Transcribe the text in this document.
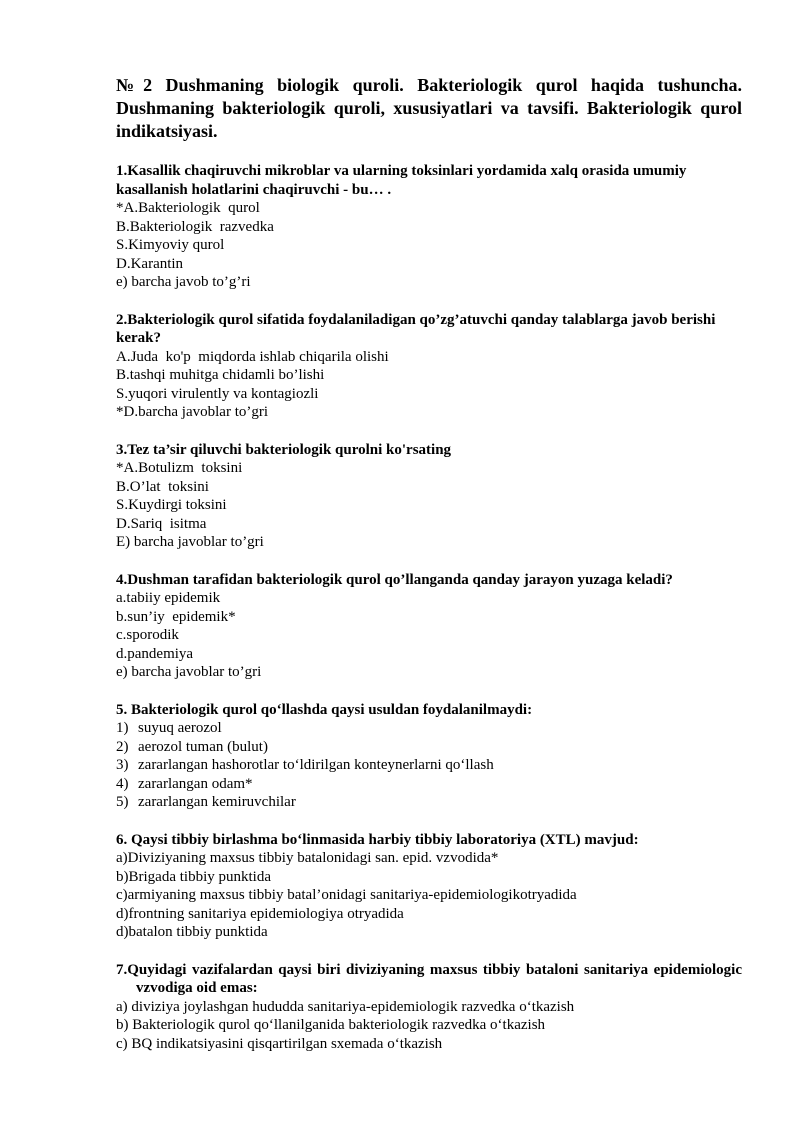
№2 Dushmaning biologik quroli. Bakteriologik qurol haqida tushuncha. Dushmaning bakteriologik quroli, xususiyatlari va tavsifi. Bakteriologik qurol indikatsiyasi.

1.Kasallik chaqiruvchi mikroblar va ularning toksinlari yordamida xalq orasida umumiy kasallanish holatlarini chaqiruvchi - bu… .

*A.Bakteriologik  qurol
B.Bakteriologik  razvedka
S.Kimyoviy qurol
D.Karantin
e) barcha javob to’g’ri

2.Bakteriologik qurol sifatida foydalaniladigan qo’zg’atuvchi qanday talablarga javob berishi kerak?

A.Juda  ko'p  miqdorda ishlab chiqarila olishi
B.tashqi muhitga chidamli bo’lishi
S.yuqori virulently va kontagiozli
*D.barcha javoblar to’gri

3.Tez ta’sir qiluvchi bakteriologik qurolni ko'rsating

*A.Botulizm  toksini
B.O’lat  toksini
S.Kuydirgi toksini
D.Sariq  isitma
E) barcha javoblar to’gri

4.Dushman tarafidan bakteriologik qurol qo’llanganda qanday jarayon yuzaga keladi?

a.tabiiy epidemik
b.sun’iy  epidemik*
c.sporodik
d.pandemiya
e) barcha javoblar to’gri

5. Bakteriologik qurol qo‘llashda qaysi usuldan foydalanilmaydi:

1) suyuq aerozol
2) aerozol tuman (bulut)
3) zararlangan hashorotlar to‘ldirilgan konteynerlarni qo‘llash
4) zararlangan odam*
5) zararlangan kemiruvchilar

6. Qaysi tibbiy birlashma bo‘linmasida harbiy tibbiy laboratoriya (XTL) mavjud:

a)Diviziyaning maxsus tibbiy batalonidagi san. epid. vzvodida*
b)Brigada tibbiy punktida
c)armiyaning maxsus tibbiy batal’onidagi sanitariya-epidemiologikotryadida
d)frontning sanitariya epidemiologiya otryadida
d)batalon tibbiy punktida

7.Quyidagi vazifalardan qaysi biri diviziyaning maxsus tibbiy bataloni sanitariya epidemiologic vzvodiga oid emas:

a) diviziya joylashgan hududda sanitariya-epidemiologik razvedka o‘tkazish
b) Bakteriologik qurol qo‘llanilganida bakteriologik razvedka o‘tkazish
c) BQ indikatsiyasini qisqartirilgan sxemada o‘tkazish
